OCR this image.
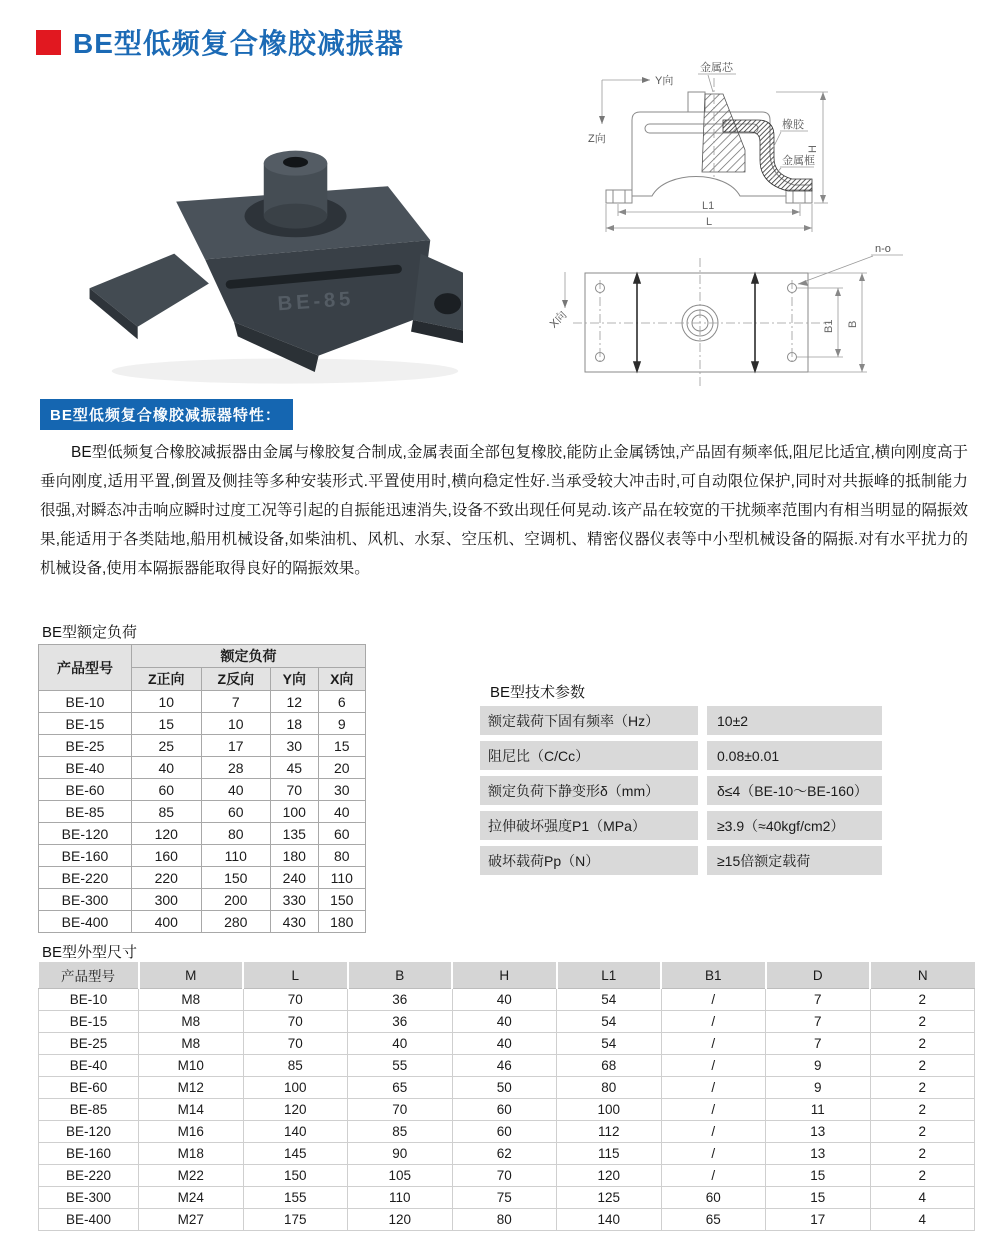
BE型低频复合橡胶减振器
BE-85
Y向
Z向
金属芯
橡胶
金属框
H
L1
L
X向
n-o
B1 B
BE型低频复合橡胶减振器特性：
BE型低频复合橡胶减振器由金属与橡胶复合制成,金属表面全部包复橡胶,能防止金属锈蚀,产品固有频率低,阻尼比适宜,横向刚度高于垂向刚度,适用平置,倒置及侧挂等多种安装形式.平置使用时,横向稳定性好.当承受较大冲击时,可自动限位保护,同时对共振峰的抵制能力很强,对瞬态冲击响应瞬时过度工况等引起的自振能迅速消失,设备不致出现任何晃动.该产品在较宽的干扰频率范围内有相当明显的隔振效果,能适用于各类陆地,船用机械设备,如柴油机、风机、水泵、空压机、空调机、精密仪器仪表等中小型机械设备的隔振.对有水平扰力的机械设备,使用本隔振器能取得良好的隔振效果。
BE型额定负荷
产品型号	额定负荷			
	Z正向	Z反向	Y向	X向
BE-10	10	7	12	6
BE-15	15	10	18	9
BE-25	25	17	30	15
BE-40	40	28	45	20
BE-60	60	40	70	30
BE-85	85	60	100	40
BE-120	120	80	135	60
BE-160	160	110	180	80
BE-220	220	150	240	110
BE-300	300	200	330	150
BE-400	400	280	430	180
BE型技术参数
额定载荷下固有频率（Hz）	10±2
阻尼比（C/Cc）	0.08±0.01
额定负荷下静变形δ（mm）	δ≤4（BE-10～BE-160）
拉伸破坏强度P1（MPa）	≥3.9（≈40kgf/cm2）
破坏载荷Pp（N）	≥15倍额定载荷
BE型外型尺寸
产品型号	M	L	B	H	L1	B1	D	N
BE-10	M8	70	36	40	54	/	7	2
BE-15	M8	70	36	40	54	/	7	2
BE-25	M8	70	40	40	54	/	7	2
BE-40	M10	85	55	46	68	/	9	2
BE-60	M12	100	65	50	80	/	9	2
BE-85	M14	120	70	60	100	/	11	2
BE-120	M16	140	85	60	112	/	13	2
BE-160	M18	145	90	62	115	/	13	2
BE-220	M22	150	105	70	120	/	15	2
BE-300	M24	155	110	75	125	60	15	4
BE-400	M27	175	120	80	140	65	17	4
